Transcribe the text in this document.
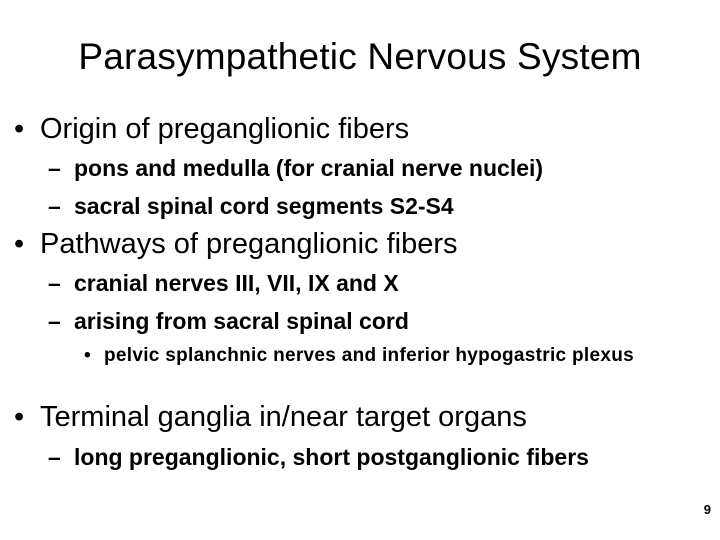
Parasympathetic Nervous System
• Origin of preganglionic fibers
– pons and medulla (for cranial nerve nuclei)
– sacral spinal cord segments S2-S4
• Pathways of preganglionic fibers
– cranial nerves III, VII, IX and X
– arising from sacral spinal cord
• pelvic splanchnic nerves and inferior hypogastric plexus
• Terminal ganglia in/near target organs
– long preganglionic, short postganglionic fibers
9
